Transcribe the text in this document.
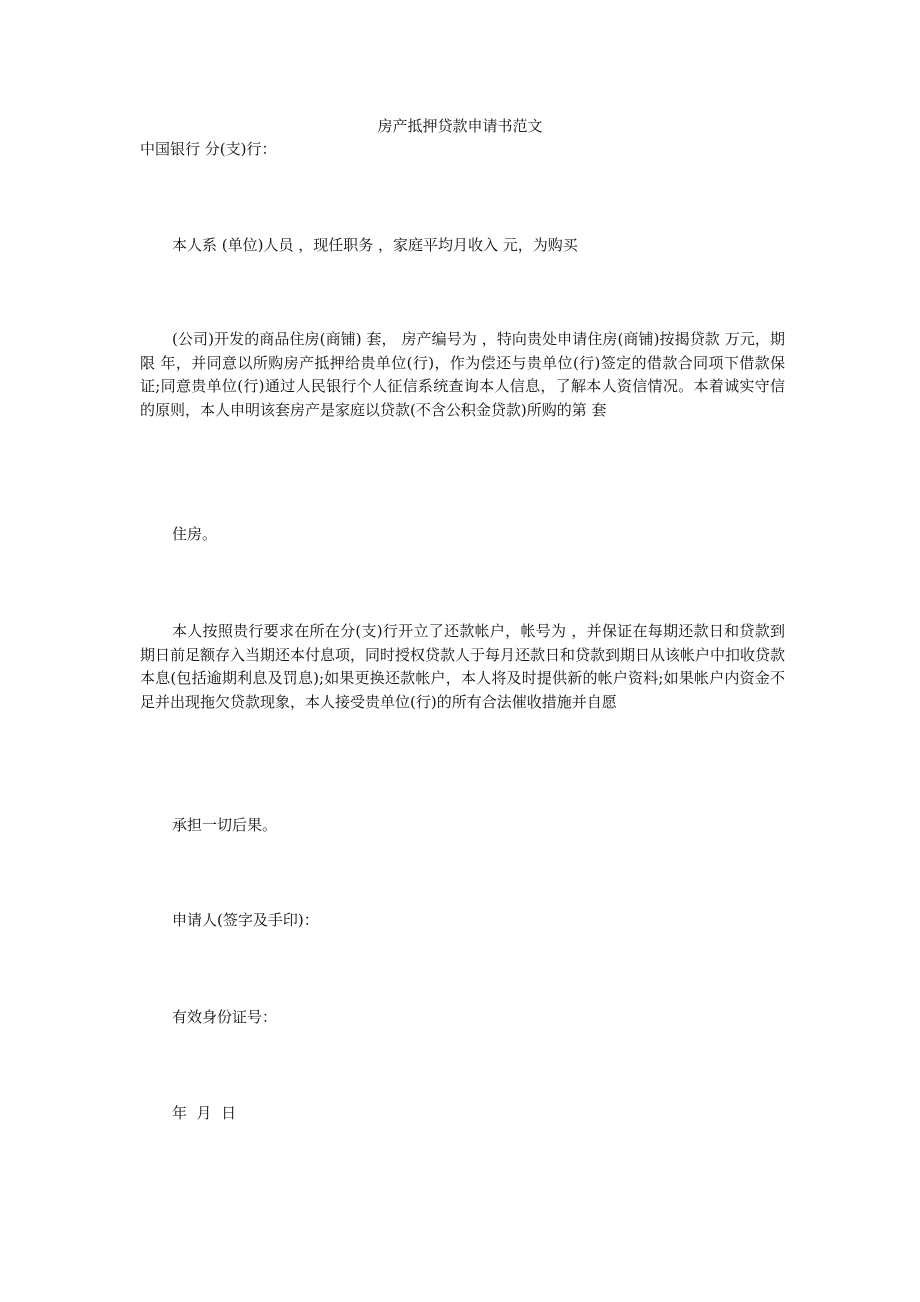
房产抵押贷款申请书范文

中国银行 分(支)行：

本人系 (单位)人员 ，现任职务 ，家庭平均月收入 元，为购买

(公司)开发的商品住房(商铺) 套， 房产编号为 ，特向贵处申请住房(商铺)按揭贷款 万元，期限 年，并同意以所购房产抵押给贵单位(行)，作为偿还与贵单位(行)签定的借款合同项下借款保证;同意贵单位(行)通过人民银行个人征信系统查询本人信息，了解本人资信情况。本着诚实守信的原则，本人申明该套房产是家庭以贷款(不含公积金贷款)所购的第 套

住房。

本人按照贵行要求在所在分(支)行开立了还款帐户，帐号为 ，并保证在每期还款日和贷款到期日前足额存入当期还本付息项，同时授权贷款人于每月还款日和贷款到期日从该帐户中扣收贷款本息(包括逾期利息及罚息);如果更换还款帐户，本人将及时提供新的帐户资料;如果帐户内资金不足并出现拖欠贷款现象，本人接受贵单位(行)的所有合法催收措施并自愿

承担一切后果。

申请人(签字及手印)：

有效身份证号：

年  月  日
